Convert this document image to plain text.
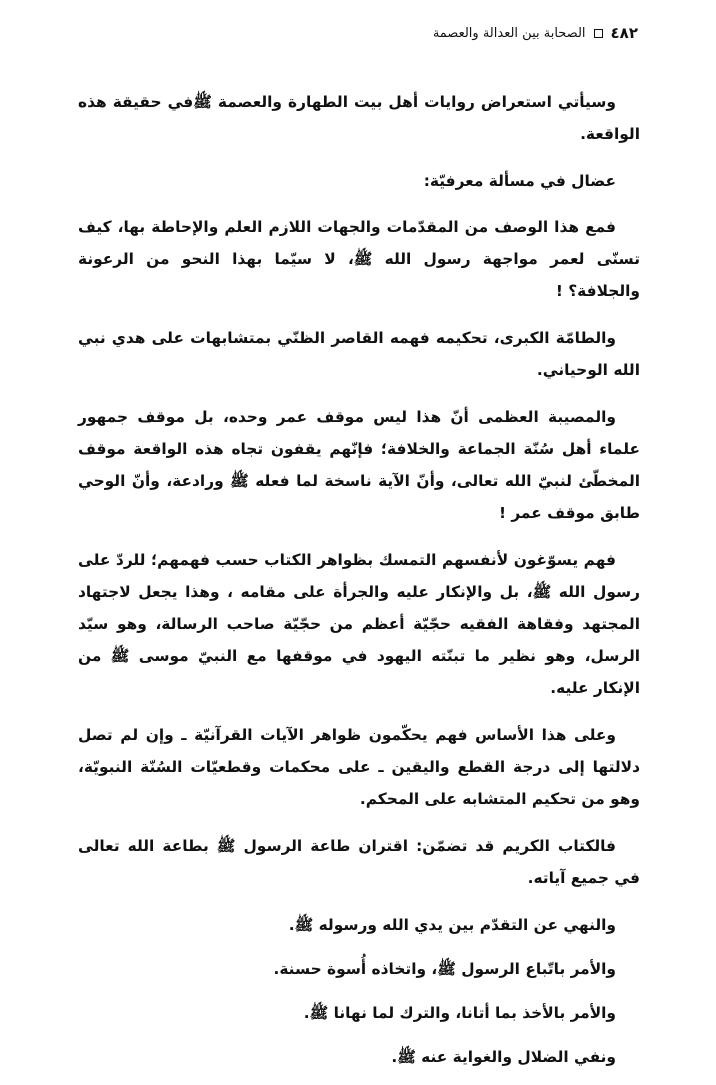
٤٨٢
الصحابة بين العدالة والعصمة

وسيأتي استعراض روايات أهل بيت الطهارة والعصمة ﷺفي حقيقة هذه الواقعة.

عضال في مسألة معرفيّة:

فمع هذا الوصف من المقدّمات والجهات اللازم العلم والإحاطة بها، كيف تسنّى لعمر مواجهة رسول الله ﷺ، لا سيّما بهذا النحو من الرعونة والجلافة؟ !

والطامّة الكبرى، تحكيمه فهمه القاصر الظنّي بمتشابهات على هدي نبي الله الوحياني.

والمصيبة العظمى أنّ هذا ليس موقف عمر وحده، بل موقف جمهور علماء أهل سُنّة الجماعة والخلافة؛ فإنّهم يقفون تجاه هذه الواقعة موقف المخطّئ لنبيّ الله تعالى، وأنّ الآية ناسخة لما فعله ﷺ ورادعة، وأنّ الوحي طابق موقف عمر !

فهم يسوّغون لأنفسهم التمسك بظواهر الكتاب حسب فهمهم؛ للردّ على رسول الله ﷺ، بل والإنكار عليه والجرأة على مقامه ، وهذا يجعل لاجتهاد المجتهد وفقاهة الفقيه حجّيّة أعظم من حجّيّة صاحب الرسالة، وهو سيّد الرسل، وهو نظير ما تبنّته اليهود في موقفها مع النبيّ موسى ﷺ من الإنكار عليه.

وعلى هذا الأساس فهم يحكّمون ظواهر الآيات القرآنيّة ـ وإن لم تصل دلالتها إلى درجة القطع واليقين ـ على محكمات وقطعيّات السُنّة النبويّة، وهو من تحكيم المتشابه على المحكم.

فالكتاب الكريم قد تضمّن: اقتران طاعة الرسول ﷺ بطاعة الله تعالى في جميع آياته.

والنهي عن التقدّم بين يدي الله ورسوله ﷺ.

والأمر باتّباع الرسول ﷺ، واتخاذه أُسوة حسنة.

والأمر بالأخذ بما أتانا، والترك لما نهانا ﷺ.

ونفي الضلال والغواية عنه ﷺ.
